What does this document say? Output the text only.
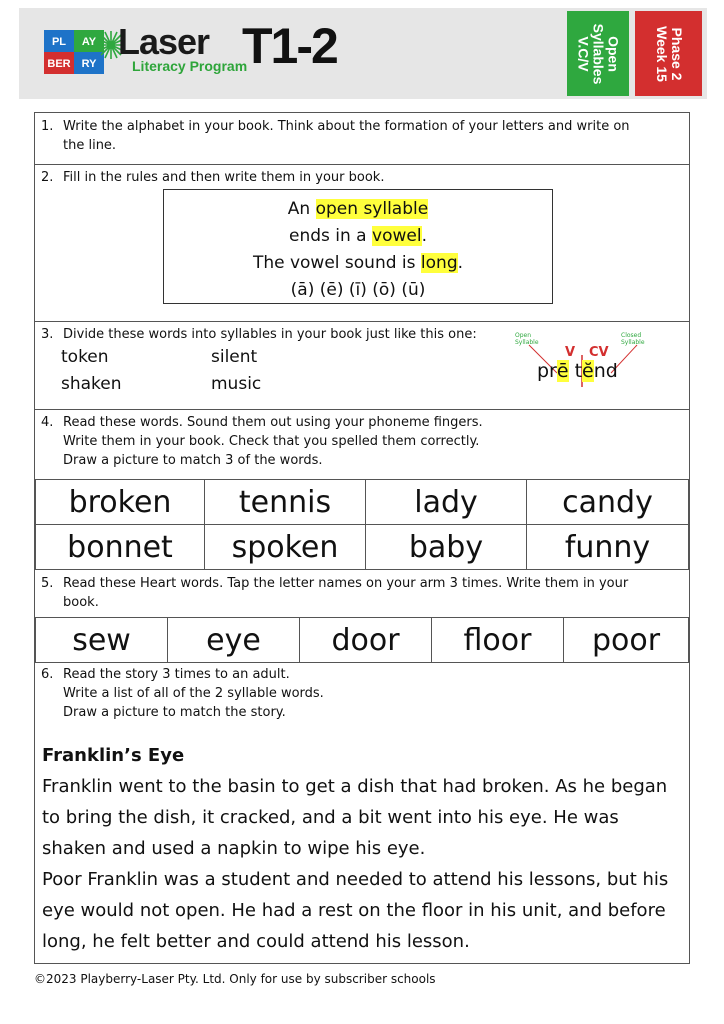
PL AY
BER RY
Laser
Literacy Program
T1-2	Open
Syllables
V.C/V	Phase 2
Week 15
1. Write the alphabet in your book. Think about the formation of your letters and write on
the line.
2. Fill in the rules and then write them in your book.
An open syllable
ends in a vowel.
The vowel sound is long.
(ā) (ē) (ī) (ō) (ū)
3. Divide these words into syllables in your book just like this one:
token	silent
shaken	music
Open Syllable
Closed Syllable
V CV
prē tĕnd
4. Read these words. Sound them out using your phoneme fingers.
Write them in your book. Check that you spelled them correctly.
Draw a picture to match 3 of the words.
broken	tennis	lady	candy
bonnet	spoken	baby	funny
5. Read these Heart words. Tap the letter names on your arm 3 times. Write them in your
book.
sew	eye	door	floor	poor
6. Read the story 3 times to an adult.
Write a list of all of the 2 syllable words.
Draw a picture to match the story.
Franklin’s Eye
Franklin went to the basin to get a dish that had broken. As he began to bring the dish, it cracked, and a bit went into his eye. He was shaken and used a napkin to wipe his eye.
Poor Franklin was a student and needed to attend his lessons, but his eye would not open. He had a rest on the floor in his unit, and before long, he felt better and could attend his lesson.
©2023 Playberry-Laser Pty. Ltd. Only for use by subscriber schools
